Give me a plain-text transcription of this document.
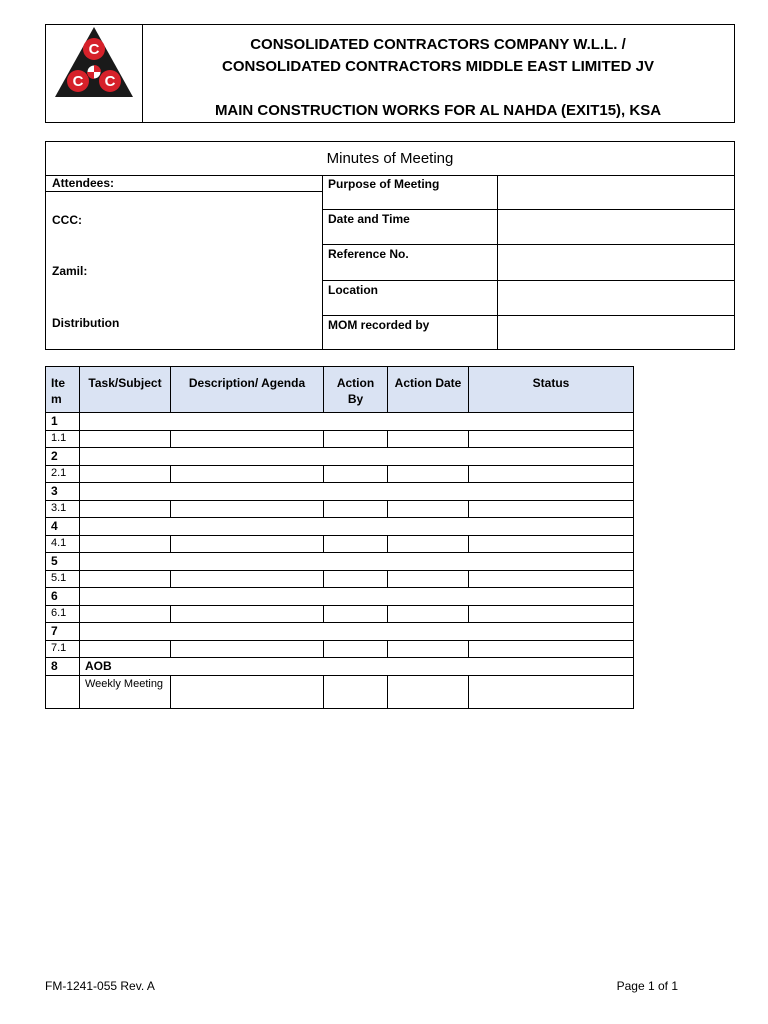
C
C C
CONSOLIDATED CONTRACTORS COMPANY W.L.L. /
CONSOLIDATED CONTRACTORS MIDDLE EAST LIMITED JV
MAIN CONSTRUCTION WORKS FOR AL NAHDA (EXIT15), KSA
Minutes of Meeting
Attendees:
CCC:
Zamil:
Distribution
Purpose of Meeting
Date and Time
Reference No.
Location
MOM recorded by
Ite m	Task/Subject	Description/ Agenda	Action By	Action Date	Status
1					
1.1					
2					
2.1					
3					
3.1					
4					
4.1					
5					
5.1					
6					
6.1					
7					
7.1					
8	AOB				
	Weekly Meeting				
FM-1241-055 Rev. A	Page 1 of 1
